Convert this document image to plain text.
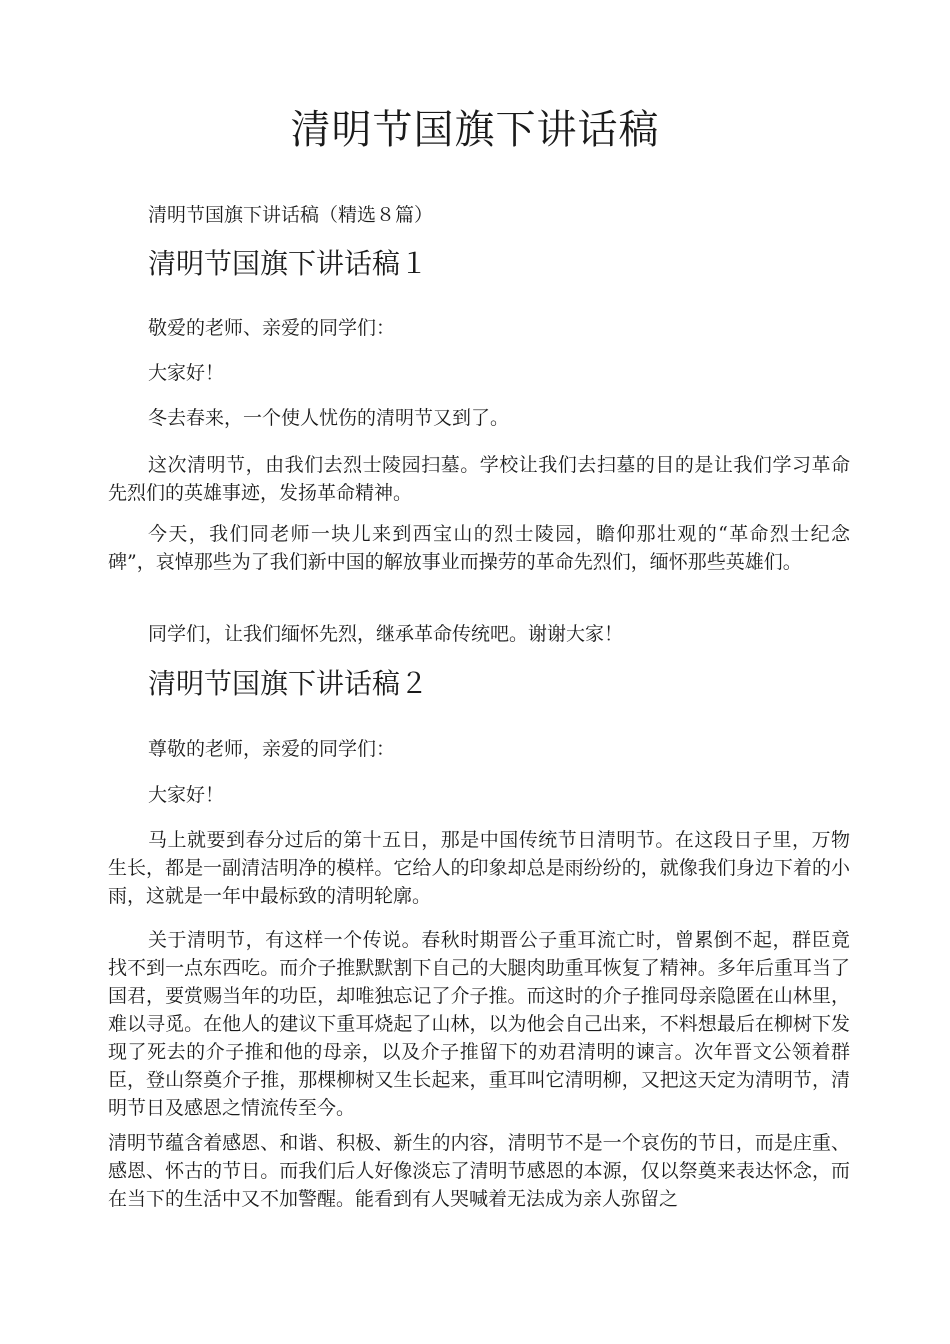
清明节国旗下讲话稿

清明节国旗下讲话稿（精选８篇）

清明节国旗下讲话稿１

敬爱的老师、亲爱的同学们：

大家好！

冬去春来，一个使人忧伤的清明节又到了。

这次清明节，由我们去烈士陵园扫墓。学校让我们去扫墓的目的是让我们学习革命先烈们的英雄事迹，发扬革命精神。

今天，我们同老师一块儿来到西宝山的烈士陵园，瞻仰那壮观的“革命烈士纪念碑”，哀悼那些为了我们新中国的解放事业而操劳的革命先烈们，缅怀那些英雄们。

同学们，让我们缅怀先烈，继承革命传统吧。谢谢大家！

清明节国旗下讲话稿２

尊敬的老师，亲爱的同学们：

大家好！

马上就要到春分过后的第十五日，那是中国传统节日清明节。在这段日子里，万物生长，都是一副清洁明净的模样。它给人的印象却总是雨纷纷的，就像我们身边下着的小雨，这就是一年中最标致的清明轮廓。

关于清明节，有这样一个传说。春秋时期晋公子重耳流亡时，曾累倒不起，群臣竟找不到一点东西吃。而介子推默默割下自己的大腿肉助重耳恢复了精神。多年后重耳当了国君，要赏赐当年的功臣，却唯独忘记了介子推。而这时的介子推同母亲隐匿在山林里，难以寻觅。在他人的建议下重耳烧起了山林，以为他会自己出来，不料想最后在柳树下发现了死去的介子推和他的母亲，以及介子推留下的劝君清明的谏言。次年晋文公领着群臣，登山祭奠介子推，那棵柳树又生长起来，重耳叫它清明柳，又把这天定为清明节，清明节日及感恩之情流传至今。

清明节蕴含着感恩、和谐、积极、新生的内容，清明节不是一个哀伤的节日，而是庄重、感恩、怀古的节日。而我们后人好像淡忘了清明节感恩的本源，仅以祭奠来表达怀念，而在当下的生活中又不加警醒。能看到有人哭喊着无法成为亲人弥留之
